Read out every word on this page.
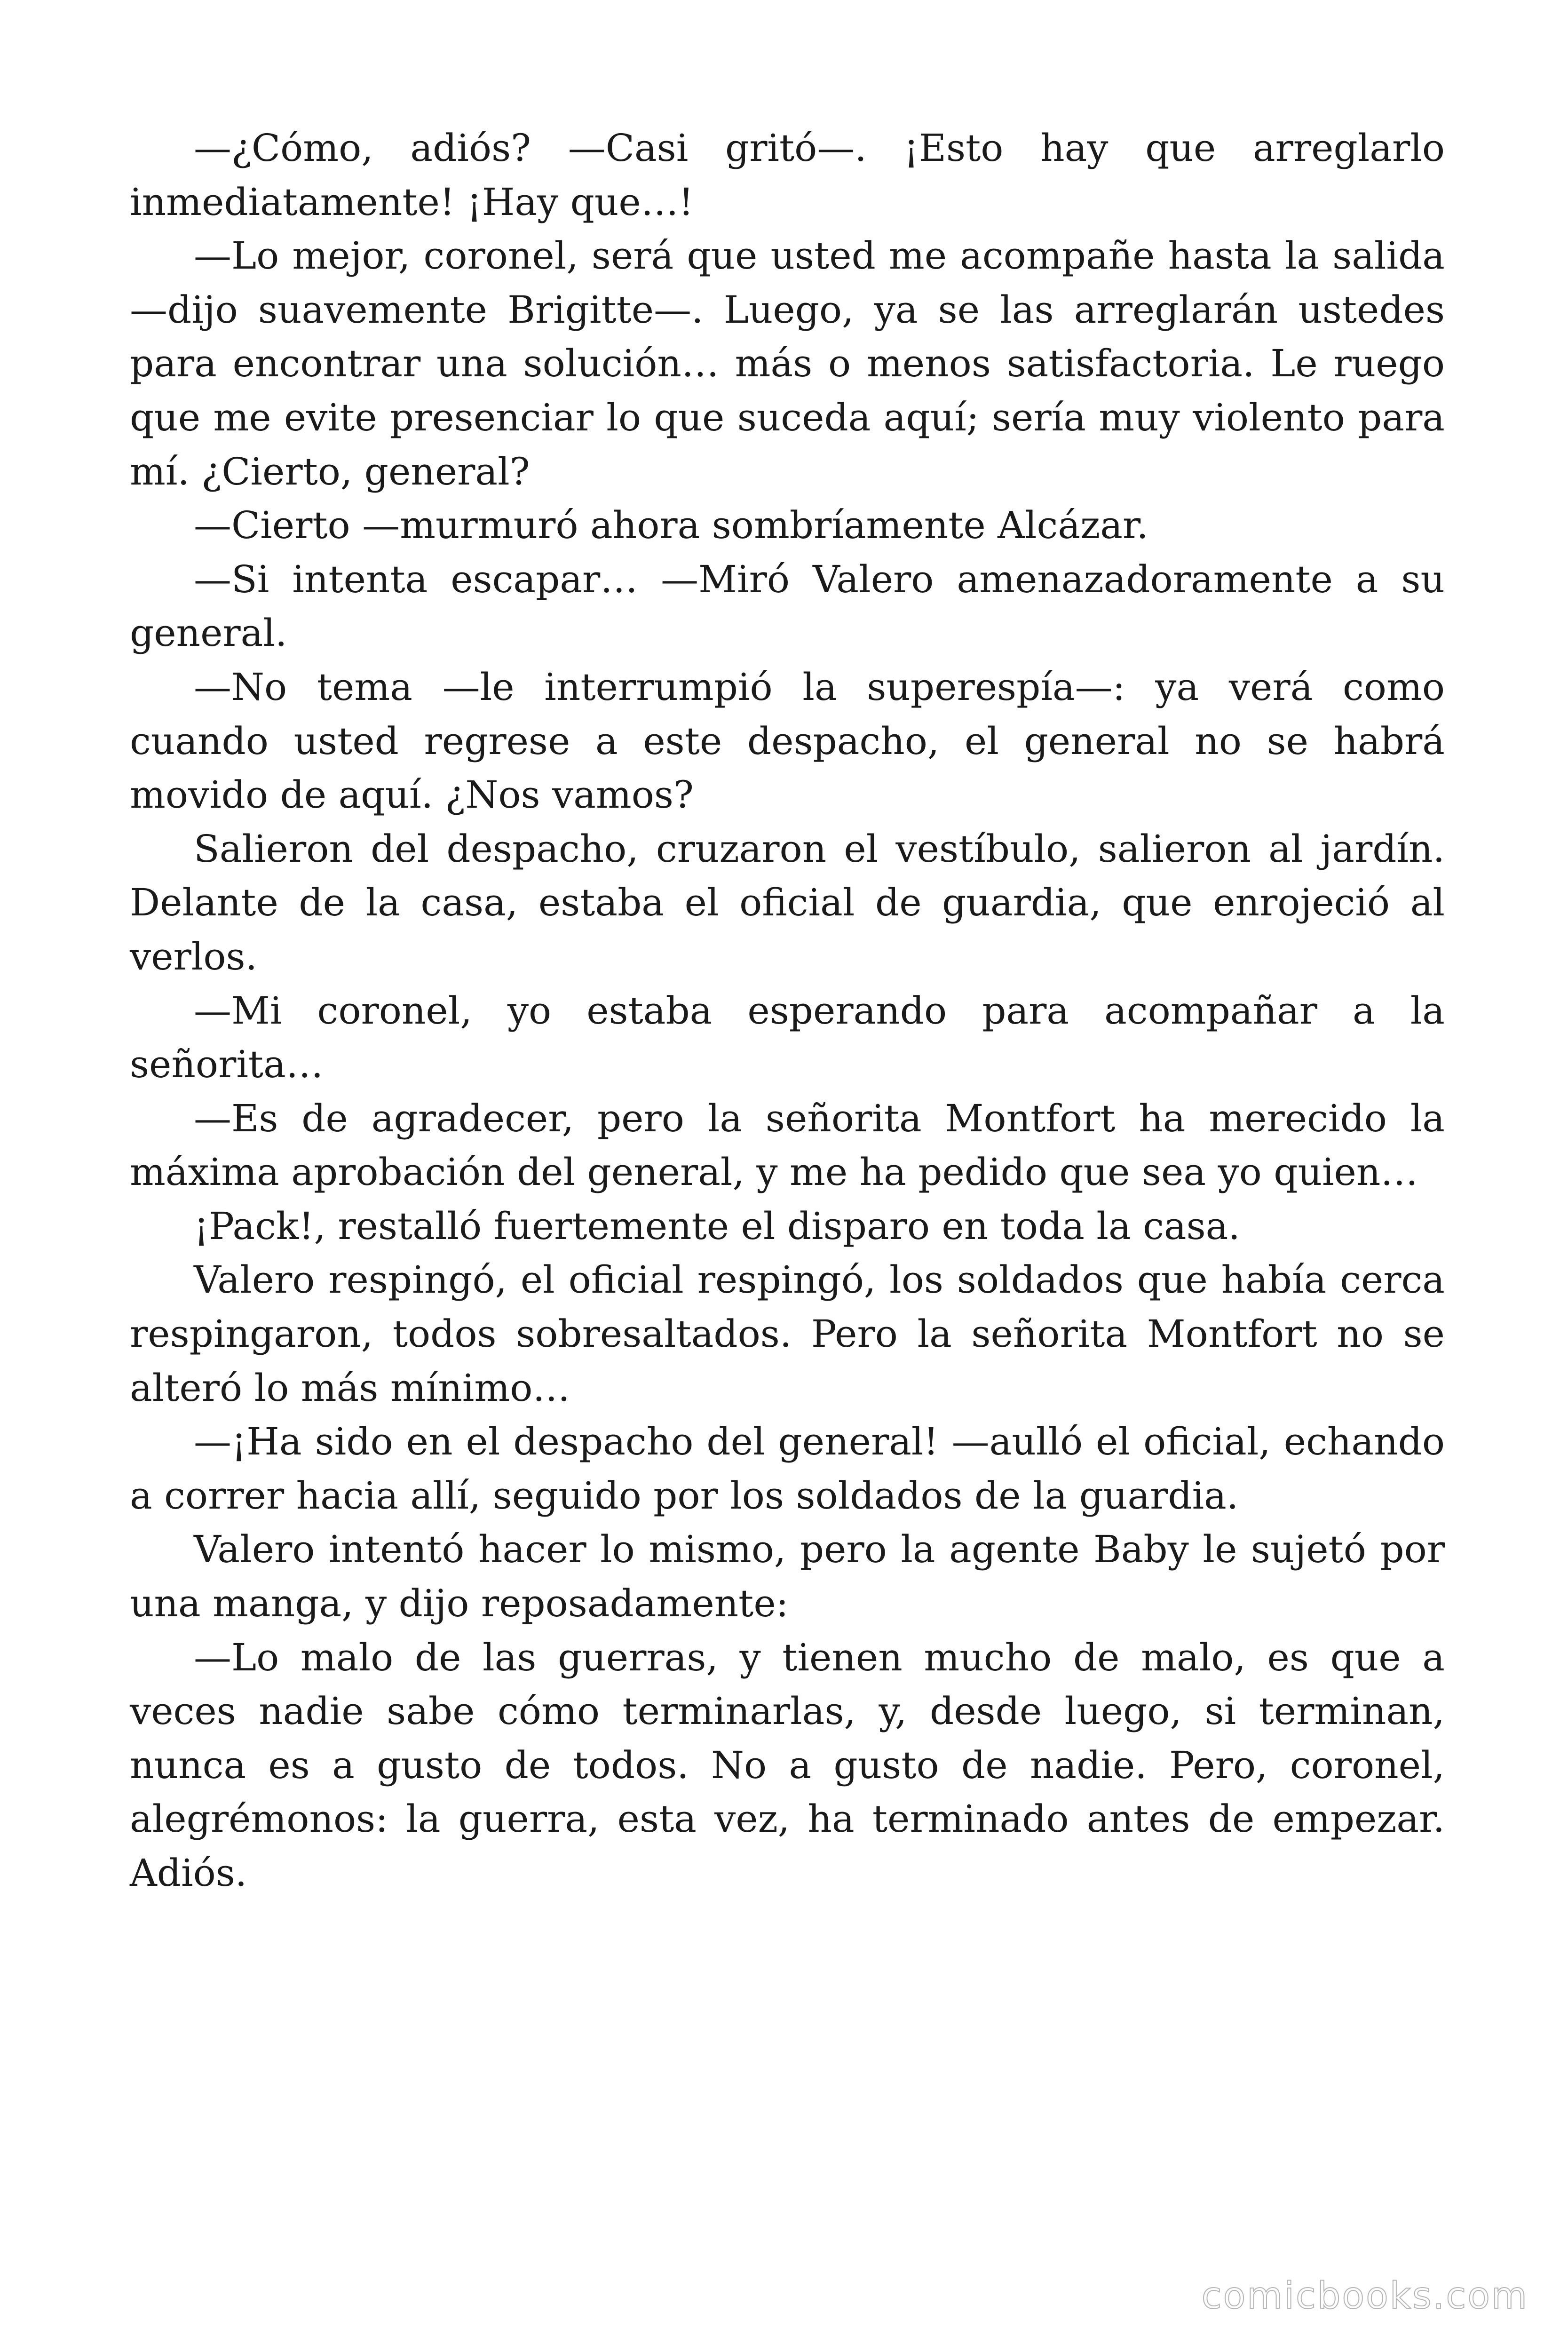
—¿Cómo, adiós? —Casi gritó—. ¡Esto hay que arreglarlo inmediatamente! ¡Hay que…!

—Lo mejor, coronel, será que usted me acompañe hasta la salida —dijo suavemente Brigitte—. Luego, ya se las arreglarán ustedes para encontrar una solución… más o menos satisfactoria. Le ruego que me evite presenciar lo que suceda aquí; sería muy violento para mí. ¿Cierto, general?

—Cierto —murmuró ahora sombríamente Alcázar.

—Si intenta escapar… —Miró Valero amenazadoramente a su general.

—No tema —le interrumpió la superespía—: ya verá como cuando usted regrese a este despacho, el general no se habrá movido de aquí. ¿Nos vamos?

Salieron del despacho, cruzaron el vestíbulo, salieron al jardín. Delante de la casa, estaba el oficial de guardia, que enrojeció al verlos.

—Mi coronel, yo estaba esperando para acompañar a la señorita…

—Es de agradecer, pero la señorita Montfort ha merecido la máxima aprobación del general, y me ha pedido que sea yo quien…

¡Pack!, restalló fuertemente el disparo en toda la casa.

Valero respingó, el oficial respingó, los soldados que había cerca respingaron, todos sobresaltados. Pero la señorita Montfort no se alteró lo más mínimo…

—¡Ha sido en el despacho del general! —aulló el oficial, echando a correr hacia allí, seguido por los soldados de la guardia.

Valero intentó hacer lo mismo, pero la agente Baby le sujetó por una manga, y dijo reposadamente:

—Lo malo de las guerras, y tienen mucho de malo, es que a veces nadie sabe cómo terminarlas, y, desde luego, si terminan, nunca es a gusto de todos. No a gusto de nadie. Pero, coronel, alegrémonos: la guerra, esta vez, ha terminado antes de empezar. Adiós.

comicbooks.com
